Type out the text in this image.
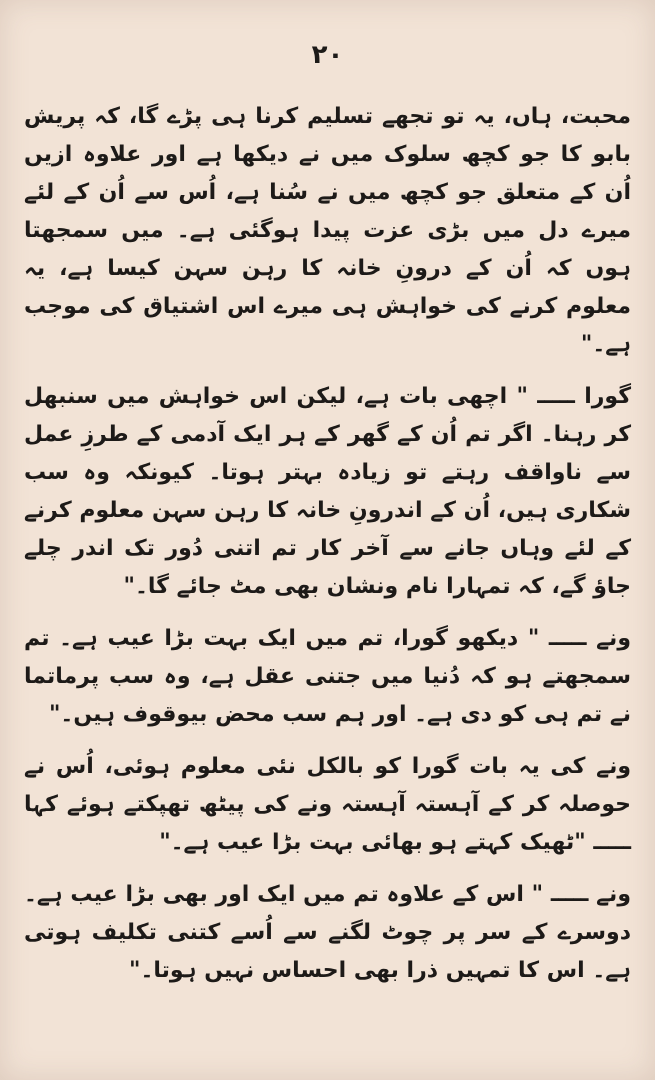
۲۰

محبت، ہاں، یہ تو تجھے تسلیم کرنا ہی پڑے گا، کہ پریش بابو کا جو کچھ سلوک میں نے دیکھا ہے اور علاوہ ازیں اُن کے متعلق جو کچھ میں نے سُنا ہے، اُس سے اُن کے لئے میرے دل میں بڑی عزت پیدا ہوگئی ہے۔ میں سمجھتا ہوں کہ اُن کے درونِ خانہ کا رہن سہن کیسا ہے، یہ معلوم کرنے کی خواہش ہی میرے اس اشتیاق کی موجب ہے۔"

گورا ـــــ " اچھی بات ہے، لیکن اس خواہش میں سنبھل کر رہنا۔ اگر تم اُن کے گھر کے ہر ایک آدمی کے طرزِ عمل سے ناواقف رہتے تو زیادہ بہتر ہوتا۔ کیونکہ وہ سب شکاری ہیں، اُن کے اندرونِ خانہ کا رہن سہن معلوم کرنے کے لئے وہاں جانے سے آخر کار تم اتنی دُور تک اندر چلے جاؤ گے، کہ تمہارا نام ونشان بھی مٹ جائے گا۔"

ونے ـــــ " دیکھو گورا، تم میں ایک بہت بڑا عیب ہے۔ تم سمجھتے ہو کہ دُنیا میں جتنی عقل ہے، وہ سب پرماتما نے تم ہی کو دی ہے۔ اور ہم سب محض بیوقوف ہیں۔"

ونے کی یہ بات گورا کو بالکل نئی معلوم ہوئی، اُس نے حوصلہ کر کے آہستہ آہستہ ونے کی پیٹھ تھپکتے ہوئے کہا ـــــ "ٹھیک کہتے ہو بھائی بہت بڑا عیب ہے۔"

ونے ـــــ " اس کے علاوہ تم میں ایک اور بھی بڑا عیب ہے۔ دوسرے کے سر پر چوٹ لگنے سے اُسے کتنی تکلیف ہوتی ہے۔ اس کا تمہیں ذرا بھی احساس نہیں ہوتا۔"
